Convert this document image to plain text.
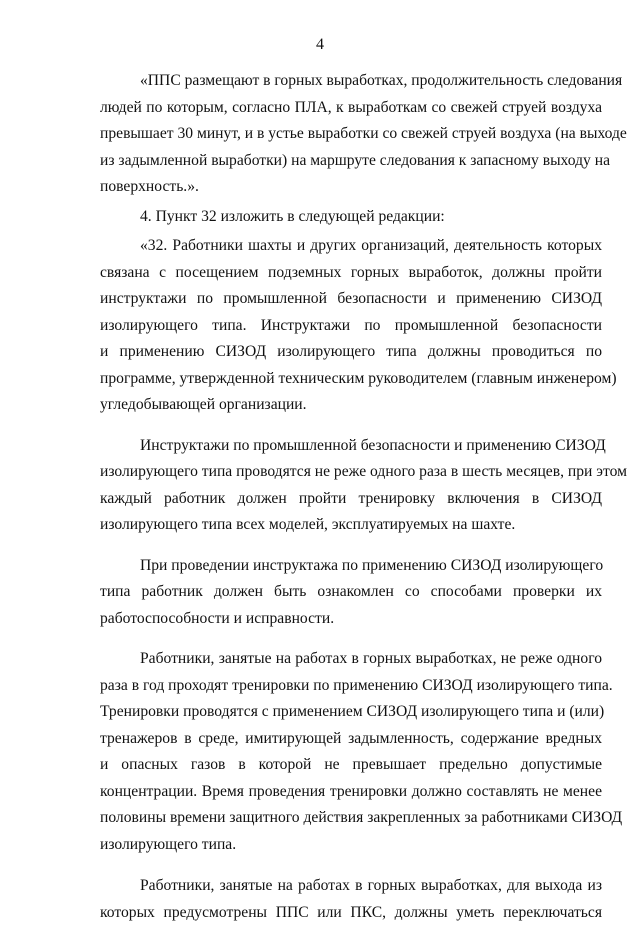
4

«ППС размещают в горных выработках, продолжительность следования
людей по которым, согласно ПЛА, к выработкам со свежей струей воздуха
превышает 30 минут, и в устье выработки со свежей струей воздуха (на выходе
из задымленной выработки) на маршруте следования к запасному выходу на
поверхность.».

4. Пункт 32 изложить в следующей редакции:

«32. Работники шахты и других организаций, деятельность которых
связана с посещением подземных горных выработок, должны пройти
инструктажи по промышленной безопасности и применению СИЗОД
изолирующего типа. Инструктажи по промышленной безопасности
и применению СИЗОД изолирующего типа должны проводиться по
программе, утвержденной техническим руководителем (главным инженером)
угледобывающей организации.

Инструктажи по промышленной безопасности и применению СИЗОД
изолирующего типа проводятся не реже одного раза в шесть месяцев, при этом
каждый работник должен пройти тренировку включения в СИЗОД
изолирующего типа всех моделей, эксплуатируемых на шахте.

При проведении инструктажа по применению СИЗОД изолирующего
типа работник должен быть ознакомлен со способами проверки их
работоспособности и исправности.

Работники, занятые на работах в горных выработках, не реже одного
раза в год проходят тренировки по применению СИЗОД изолирующего типа.
Тренировки проводятся с применением СИЗОД изолирующего типа и (или)
тренажеров в среде, имитирующей задымленность, содержание вредных
и опасных газов в которой не превышает предельно допустимые
концентрации. Время проведения тренировки должно составлять не менее
половины времени защитного действия закрепленных за работниками СИЗОД
изолирующего типа.

Работники, занятые на работах в горных выработках, для выхода из
которых предусмотрены ППС или ПКС, должны уметь переключаться
